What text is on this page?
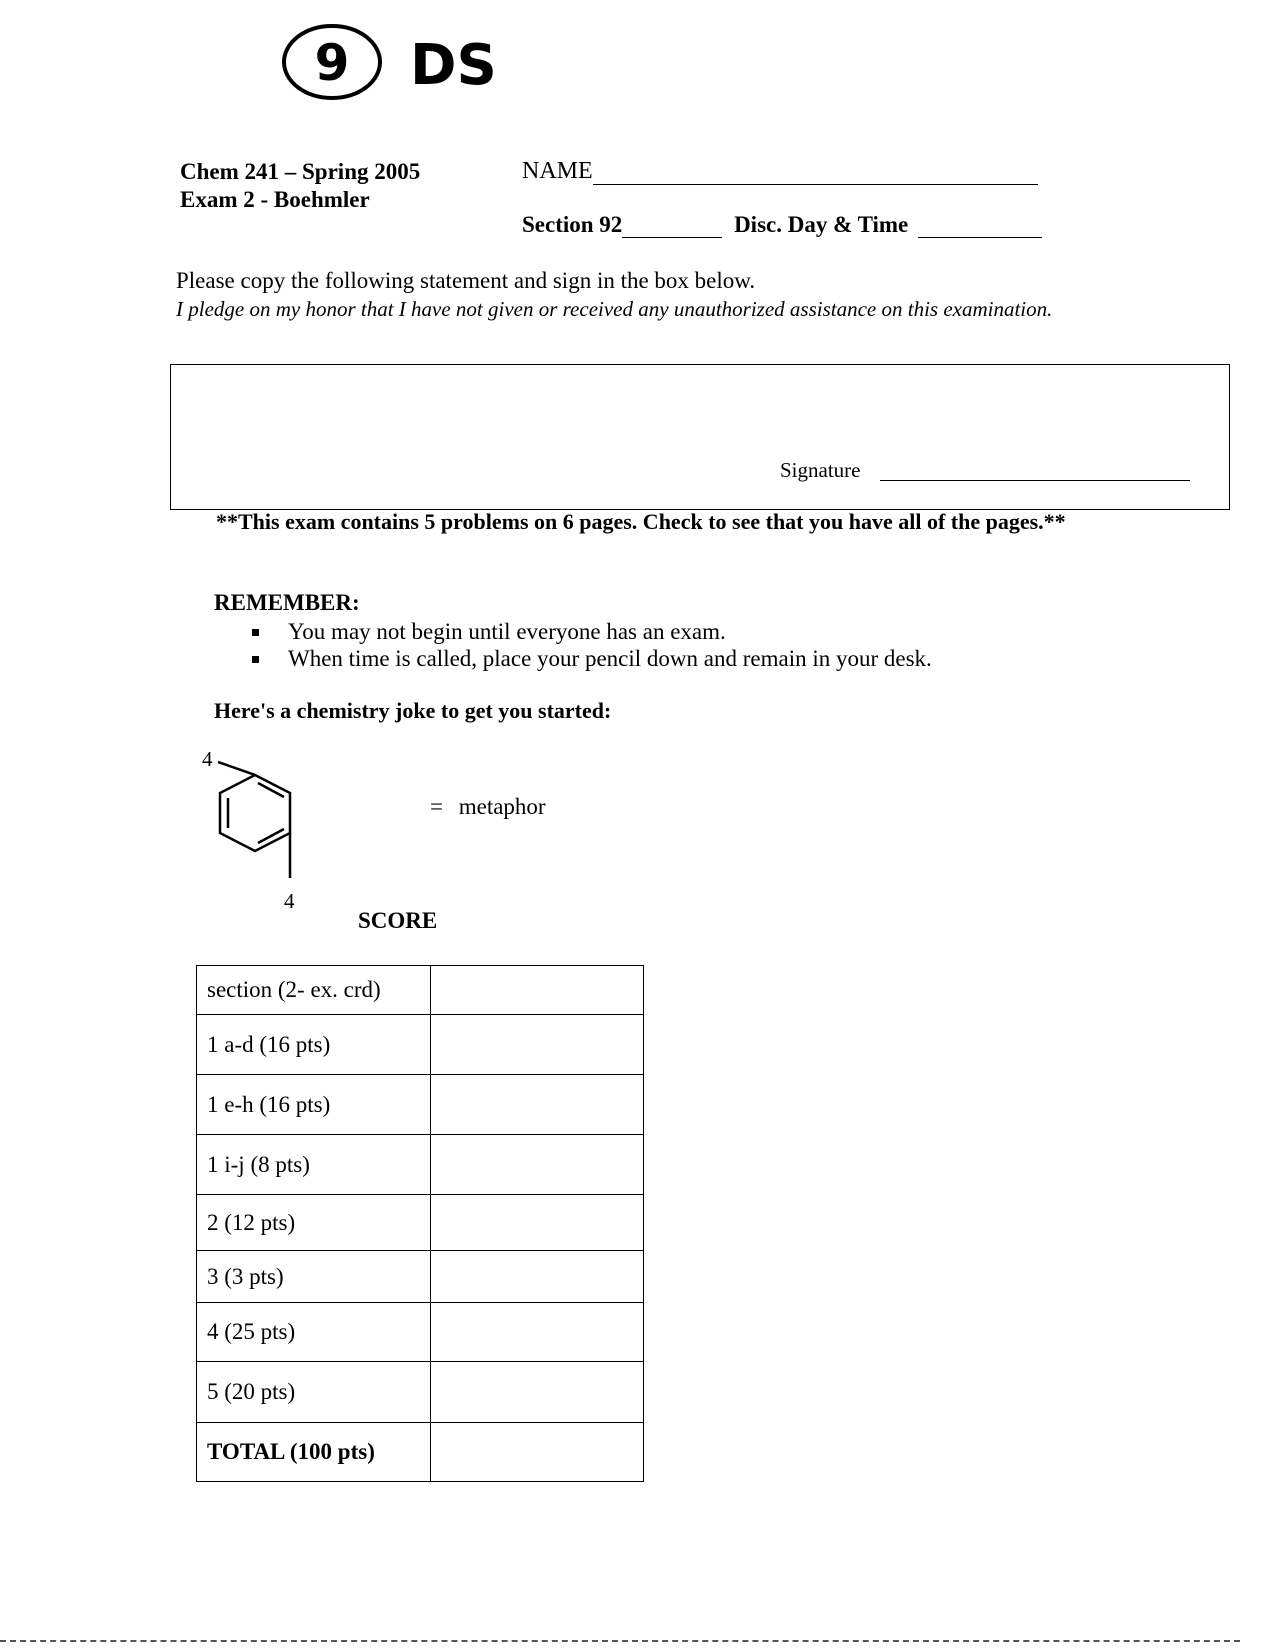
9 DS
Chem 241 – Spring 2005
Exam 2 - Boehmler
NAME
Section 92	Disc. Day & Time
Please copy the following statement and sign in the box below.
I pledge on my honor that I have not given or received any unauthorized assistance on this examination.
Signature
**This exam contains 5 problems on 6 pages. Check to see that you have all of the pages.**
REMEMBER:
You may not begin until everyone has an exam.
When time is called, place your pencil down and remain in your desk.
Here's a chemistry joke to get you started:
4
4
= metaphor
SCORE
section (2- ex. crd)	
1 a-d (16 pts)	
1 e-h (16 pts)	
1 i-j (8 pts)	
2 (12 pts)	
3 (3 pts)	
4 (25 pts)	
5 (20 pts)	
TOTAL (100 pts)	
